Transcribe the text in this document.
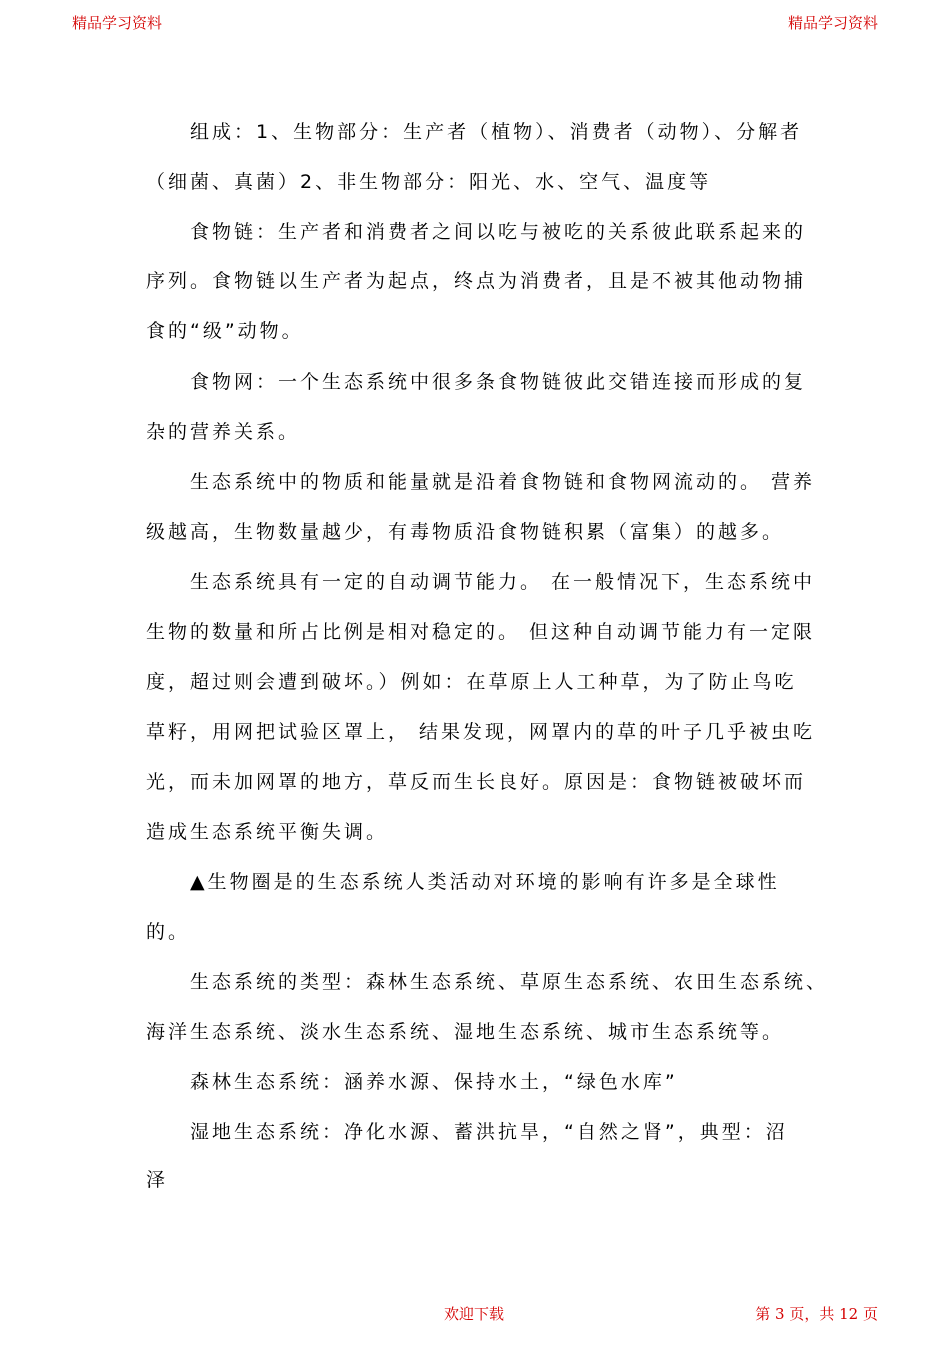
精品学习资料	精品学习资料
组成：1、生物部分：生产者（植物）、消费者（动物）、分解者
（细菌、真菌）2、非生物部分：阳光、水、空气、温度等
食物链：生产者和消费者之间以吃与被吃的关系彼此联系起来的
序列。食物链以生产者为起点，终点为消费者，且是不被其他动物捕
食的“级”动物。
食物网：一个生态系统中很多条食物链彼此交错连接而形成的复
杂的营养关系。
生态系统中的物质和能量就是沿着食物链和食物网流动的。 营养
级越高，生物数量越少，有毒物质沿食物链积累（富集）的越多。
生态系统具有一定的自动调节能力。 在一般情况下，生态系统中
生物的数量和所占比例是相对稳定的。 但这种自动调节能力有一定限
度，超过则会遭到破坏。）例如：在草原上人工种草，为了防止鸟吃
草籽，用网把试验区罩上， 结果发现，网罩内的草的叶子几乎被虫吃
光，而未加网罩的地方，草反而生长良好。原因是：食物链被破坏而
造成生态系统平衡失调。
▲生物圈是的生态系统人类活动对环境的影响有许多是全球性
的。
生态系统的类型：森林生态系统、草原生态系统、农田生态系统、
海洋生态系统、淡水生态系统、湿地生态系统、城市生态系统等。
森林生态系统：涵养水源、保持水土，“绿色水库”
湿地生态系统：净化水源、蓄洪抗旱，“自然之肾”，典型：沼
泽
欢迎下载	第 3 页，共 12 页
